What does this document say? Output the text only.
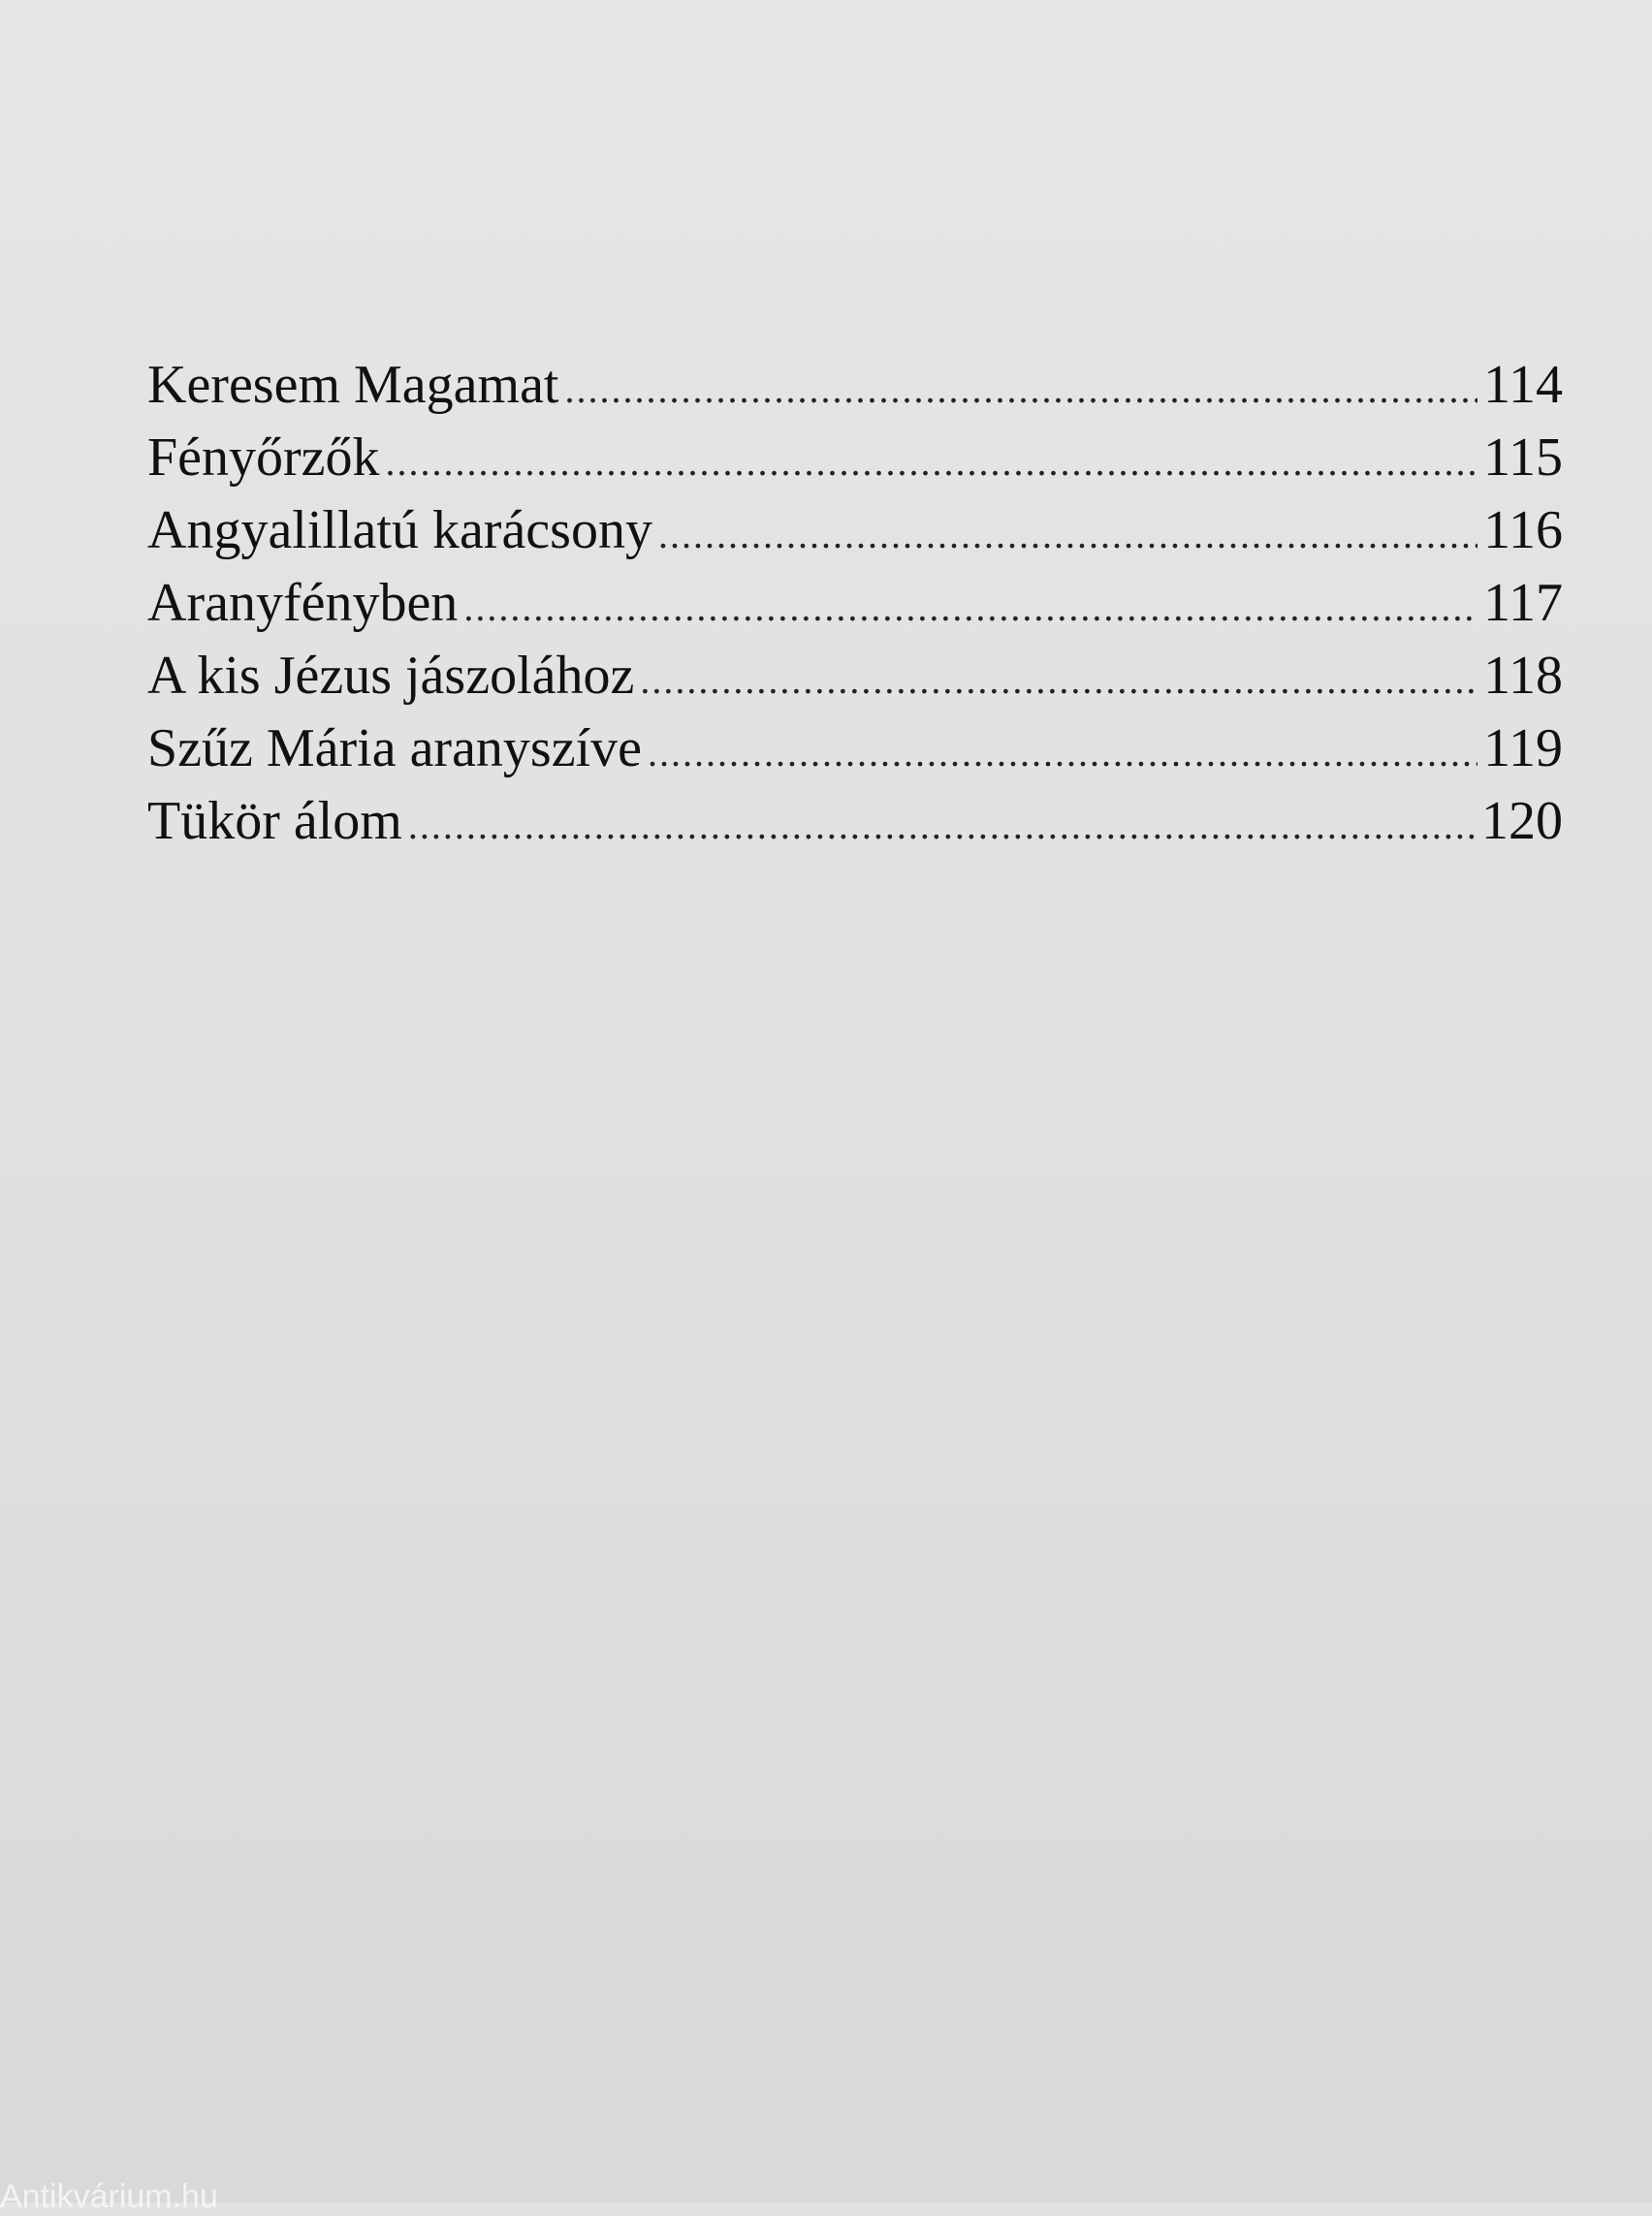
Keresem Magamat .....	114
Fényőrzők .....	115
Angyalillatú karácsony .....	116
Aranyfényben .....	117
A kis Jézus jászolához .....	118
Szűz Mária aranyszíve .....	119
Tükör álom .....	120
Antikvárium.hu
